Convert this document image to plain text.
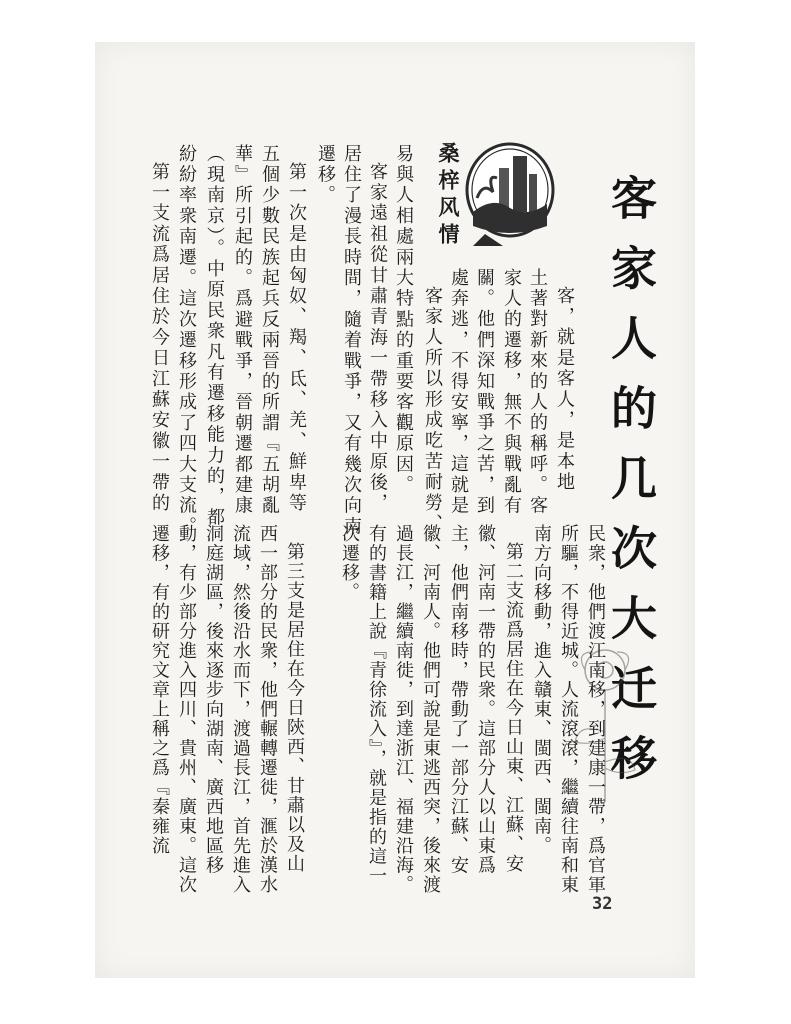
桑梓风情	客家人的几次大迁移
客，就是客人，是本地
土著對新來的人的稱呼。客
家人的遷移，無不與戰亂有
關。他們深知戰爭之苦，到
處奔逃，不得安寧，這就是
客家人所以形成吃苦耐勞、
易與人相處兩大特點的重要客觀原因。
客家遠祖從甘肅青海一帶移入中原後，
居住了漫長時間，隨着戰爭，又有幾次向南
遷移。
第一次是由匈奴、羯、氐、羌、鮮卑等
五個少數民族起兵反兩晉的所謂『五胡亂
華』所引起的。爲避戰爭，晉朝遷都建康
（現南京）。中原民衆凡有遷移能力的，都
紛紛率衆南遷。這次遷移形成了四大支流。
第一支流爲居住於今日江蘇安徽一帶的
民衆，他們渡江南移，到建康一帶，爲官軍
所驅，不得近城。人流滾滾，繼續往南和東
南方向移動，進入贛東、閩西、閩南。
第二支流爲居住在今日山東、江蘇、安
徽、河南一帶的民衆。這部分人以山東爲
主，他們南移時，帶動了一部分江蘇、安
徽、河南人。他們可說是東逃西突，後來渡
過長江，繼續南徙，到達浙江、福建沿海。
有的書籍上說『青徐流入』，就是指的這一
次遷移。
第三支是居住在今日陝西、甘肅以及山
西一部分的民衆，他們輾轉遷徙，滙於漢水
流域，然後沿水而下，渡過長江，首先進入
洞庭湖區，後來逐步向湖南、廣西地區移
動，有少部分進入四川、貴州、廣東。這次
遷移，有的研究文章上稱之爲『秦雍流
32
